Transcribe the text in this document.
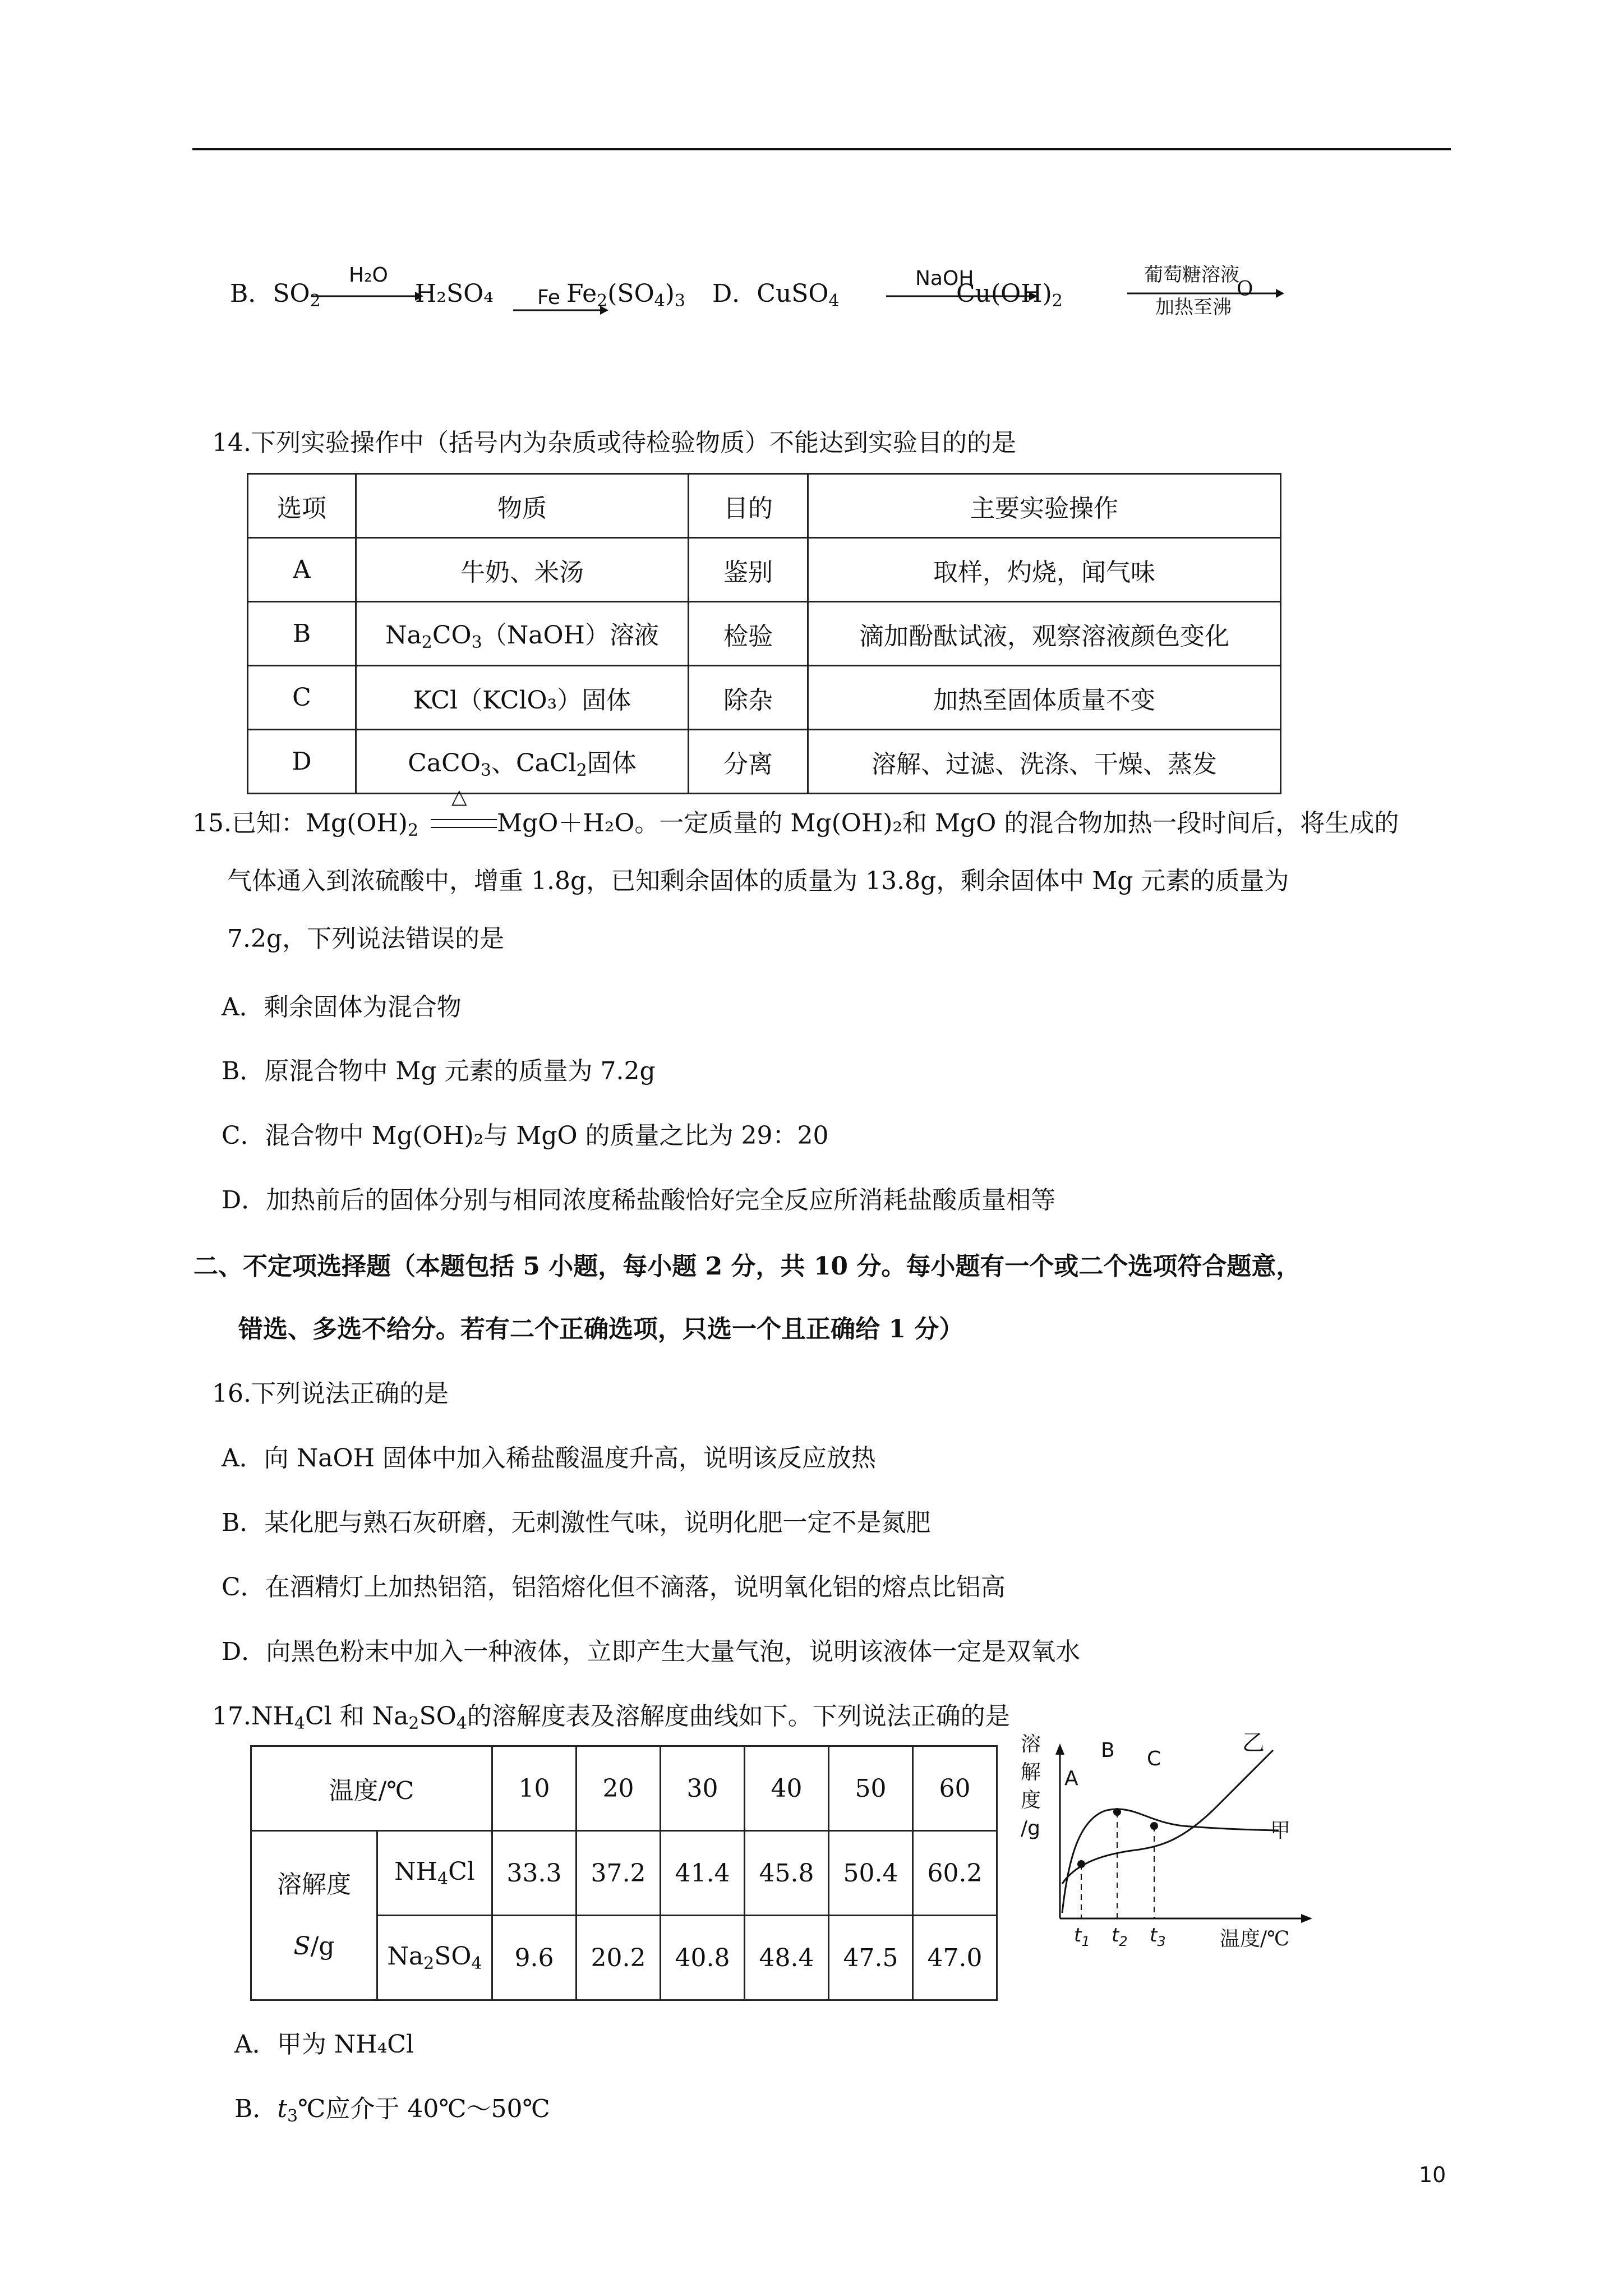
B．$SO_2$
H₂O
H₂SO₄ Fe $Fe_2(SO_4)_3$ D．CuSO$_4$
NaOH
$Cu(OH)_2$
葡萄糖溶液
加热至沸
O
14.下列实验操作中（括号内为杂质或待检验物质）不能达到实验目的的是
选项	物质	目的	主要实验操作
A	牛奶、米汤	鉴别	取样，灼烧，闻气味
B	$Na_2CO_3(NaOH)$溶液	检验	滴加酚酞试液，观察溶液颜色变化
C	KCl（KClO₃）固体	除杂	加热至固体质量不变
D	CaCO$_3$、CaCl$_2$固体	分离	溶解、过滤、洗涤、干燥、蒸发
15.已知：$Mg(OH)_2$	MgO＋H₂O。一定质量的 Mg(OH)₂和 MgO 的混合物加热一段时间后，将生成的
△
气体通入到浓硫酸中，增重 1.8g，已知剩余固体的质量为 13.8g，剩余固体中 Mg 元素的质量为
7.2g，下列说法错误的是
A．剩余固体为混合物
B．原混合物中 Mg 元素的质量为 7.2g
C．混合物中 Mg(OH)₂与 MgO 的质量之比为 29：20
D．加热前后的固体分别与相同浓度稀盐酸恰好完全反应所消耗盐酸质量相等
二、不定项选择题（本题包括 5 小题，每小题 2 分，共 10 分。每小题有一个或二个选项符合题意，
错选、多选不给分。若有二个正确选项，只选一个且正确给 1 分）
16.下列说法正确的是
A．向 NaOH 固体中加入稀盐酸温度升高，说明该反应放热
B．某化肥与熟石灰研磨，无刺激性气味，说明化肥一定不是氮肥
C．在酒精灯上加热铝箔，铝箔熔化但不滴落，说明氧化铝的熔点比铝高
D．向黑色粉末中加入一种液体，立即产生大量气泡，说明该液体一定是双氧水
$17.NH_4Cl$ 和 $Na_2SO_4$的溶解度表及溶解度曲线如下。下列说法正确的是
温度/℃		10	20	30	40	50	60
溶解度
S/g	$NH_4Cl$	33.3	37.2	41.4	45.8	50.4	60.2
	$Na_2SO_4$	9.6	20.2	40.8	48.4	47.5	47.0
溶
解
度
/g
乙
甲
A
B C
$t_1$ $t_2$ $t_3$	温度/℃
A．甲为 NH₄Cl
B．$t_3℃$应介于 40℃～50℃
10
